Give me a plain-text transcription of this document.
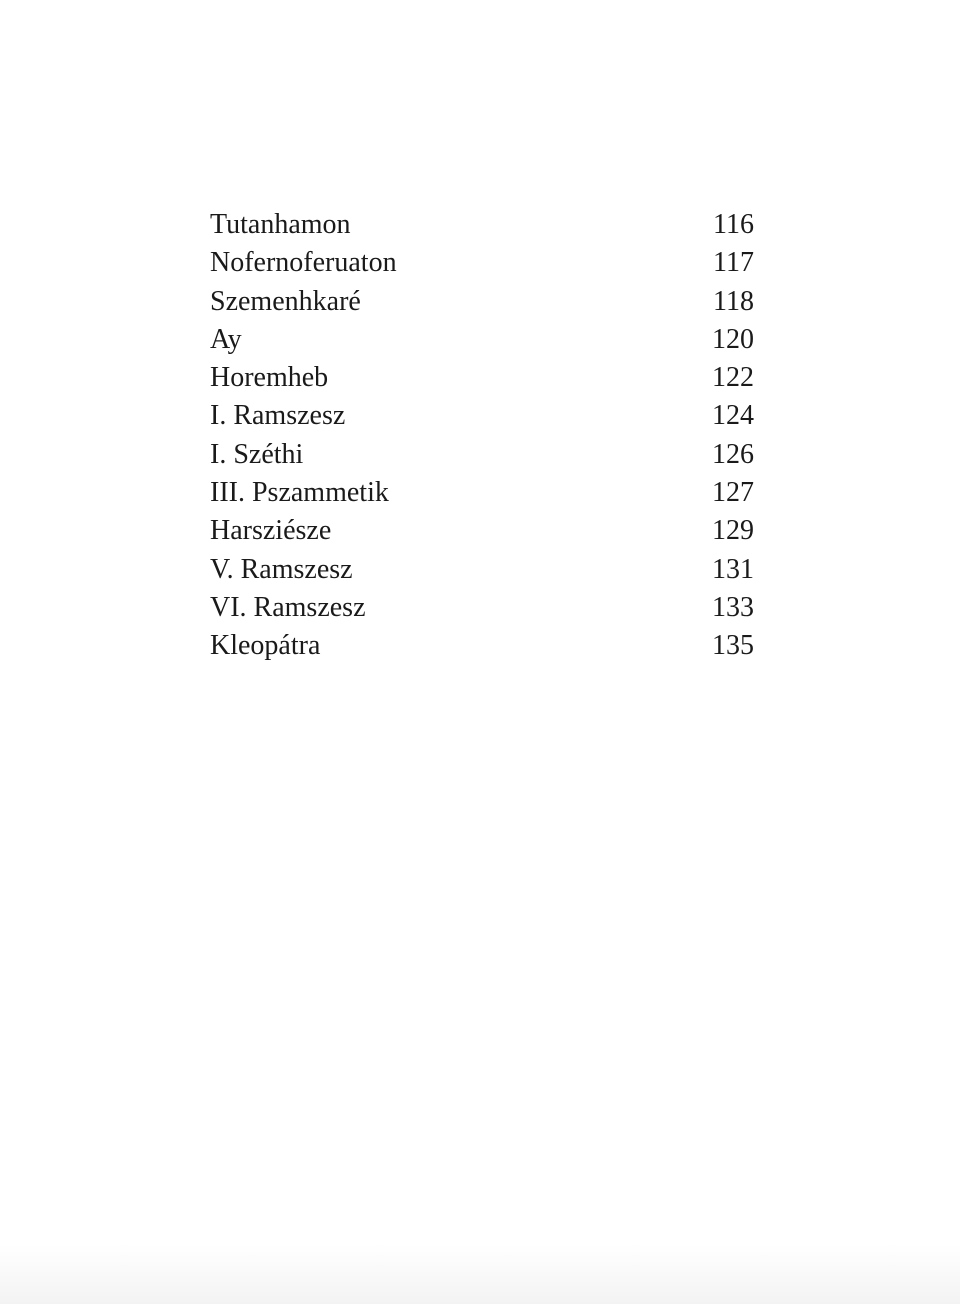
Tutanhamon	116
Nofernoferuaton	117
Szemenhkaré	118
Ay	120
Horemheb	122
I. Ramszesz	124
I. Széthi	126
III. Pszammetik	127
Harsziésze	129
V. Ramszesz	131
VI. Ramszesz	133
Kleopátra	135
